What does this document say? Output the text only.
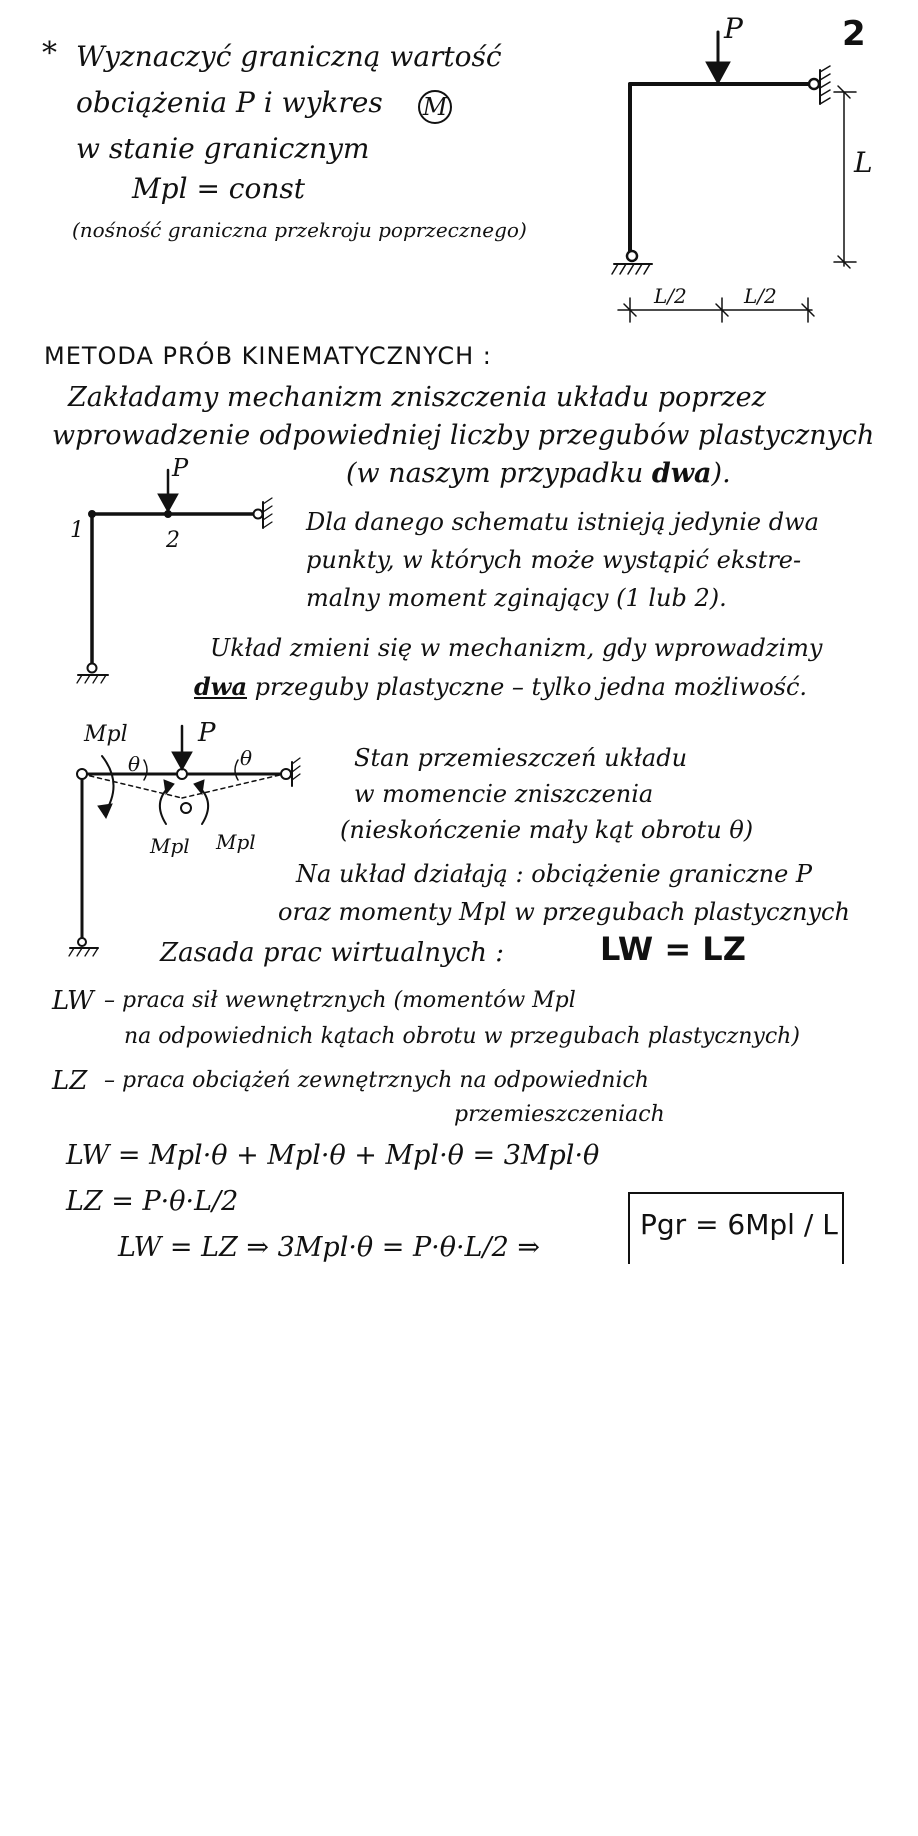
2
* Wyznaczyć graniczną wartość
obciążenia P i wykres M
w stanie granicznym
Mpl = const
(nośność graniczna przekroju poprzecznego)
P
L
L/2	L/2
METODA PRÓB KINEMATYCZNYCH :
Zakładamy mechanizm zniszczenia układu poprzez
wprowadzenie odpowiedniej liczby przegubów plastycznych
(w naszym przypadku dwa).
P
1	2
Dla danego schematu istnieją jedynie dwa
punkty, w których może wystąpić ekstre-
malny moment zginający (1 lub 2).
Układ zmieni się w mechanizm, gdy wprowadzimy
dwa przeguby plastyczne – tylko jedna możliwość.
Mpl	P
θ	θ
Mpl Mpl
Stan przemieszczeń układu
w momencie zniszczenia
(nieskończenie mały kąt obrotu θ)
Na układ działają : obciążenie graniczne P
oraz momenty Mpl w przegubach plastycznych
Zasada prac wirtualnych :	LW = LZ
LW – praca sił wewnętrznych (momentów Mpl
na odpowiednich kątach obrotu w przegubach plastycznych)
LZ – praca obciążeń zewnętrznych na odpowiednich
przemieszczeniach
LW = Mpl·θ + Mpl·θ + Mpl·θ = 3Mpl·θ
LZ = P·θ·L/2
LW = LZ ⇒ 3Mpl·θ = P·θ·L/2 ⇒
Pgr = 6Mpl / L
